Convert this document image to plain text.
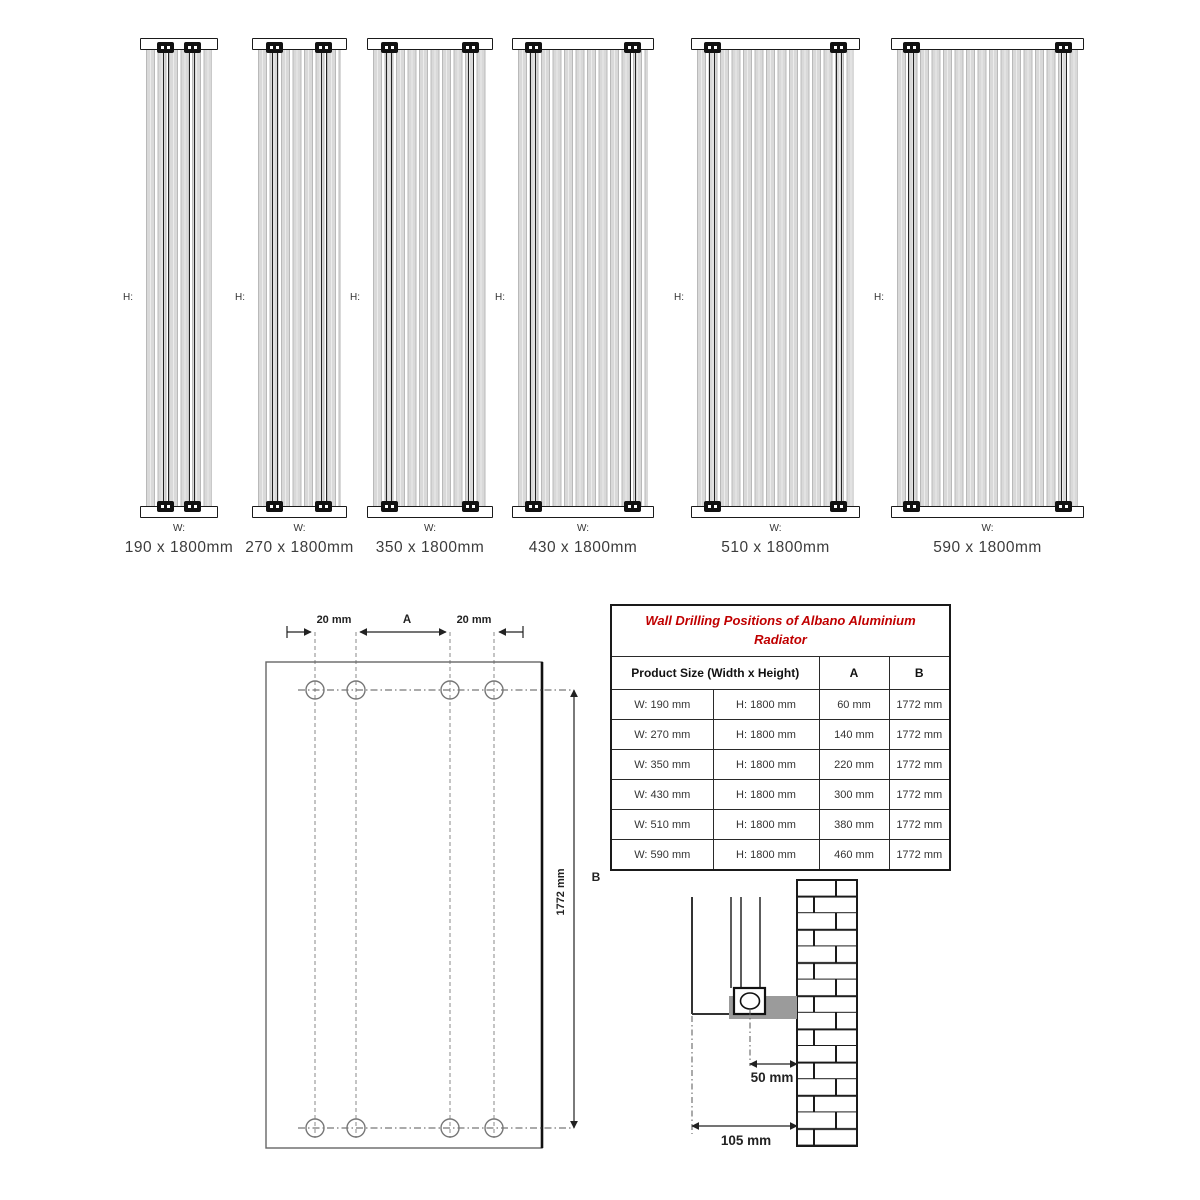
H:
W:
190 x 1800mm
H:
W:
270 x 1800mm
H:
W:
350 x 1800mm
H:
W:
430 x 1800mm
H:
W:
510 x 1800mm
H:
W:
590 x 1800mm
20 mm	A	20 mm
1772 mm B
Wall Drilling Positions of Albano Aluminium Radiator			
Product Size (Width x Height)		A	B
W: 190 mm	H: 1800 mm	60 mm	1772 mm
W: 270 mm	H: 1800 mm	140 mm	1772 mm
W: 350 mm	H: 1800 mm	220 mm	1772 mm
W: 430 mm	H: 1800 mm	300 mm	1772 mm
W: 510 mm	H: 1800 mm	380 mm	1772 mm
W: 590 mm	H: 1800 mm	460 mm	1772 mm
50 mm
105 mm
